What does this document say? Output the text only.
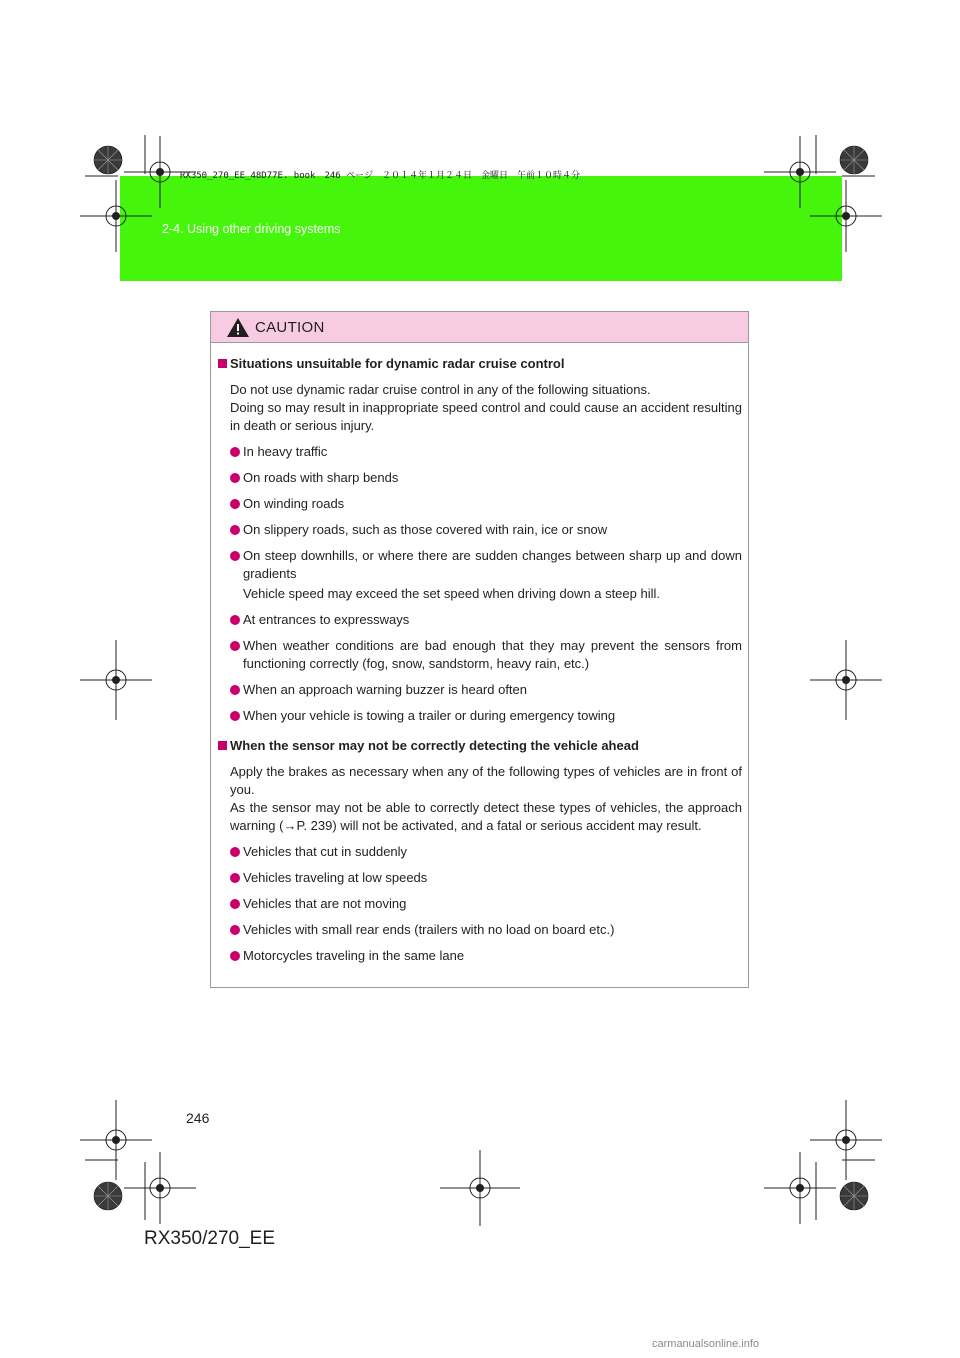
RX350_270_EE_48D77E. book　246 ページ　２０１４年１月２４日　金曜日　午前１０時４分
2-4. Using other driving systems
CAUTION
Situations unsuitable for dynamic radar cruise control
Do not use dynamic radar cruise control in any of the following situations.
Doing so may result in inappropriate speed control and could cause an accident resulting in death or serious injury.
In heavy traffic
On roads with sharp bends
On winding roads
On slippery roads, such as those covered with rain, ice or snow
On steep downhills, or where there are sudden changes between sharp up and down gradients
Vehicle speed may exceed the set speed when driving down a steep hill.
At entrances to expressways
When weather conditions are bad enough that they may prevent the sensors from functioning correctly (fog, snow, sandstorm, heavy rain, etc.)
When an approach warning buzzer is heard often
When your vehicle is towing a trailer or during emergency towing
When the sensor may not be correctly detecting the vehicle ahead
Apply the brakes as necessary when any of the following types of vehicles are in front of you.
As the sensor may not be able to correctly detect these types of vehicles, the approach warning (→P. 239) will not be activated, and a fatal or serious accident may result.
Vehicles that cut in suddenly
Vehicles traveling at low speeds
Vehicles that are not moving
Vehicles with small rear ends (trailers with no load on board etc.)
Motorcycles traveling in the same lane
246
RX350/270_EE
carmanualsonline.info
